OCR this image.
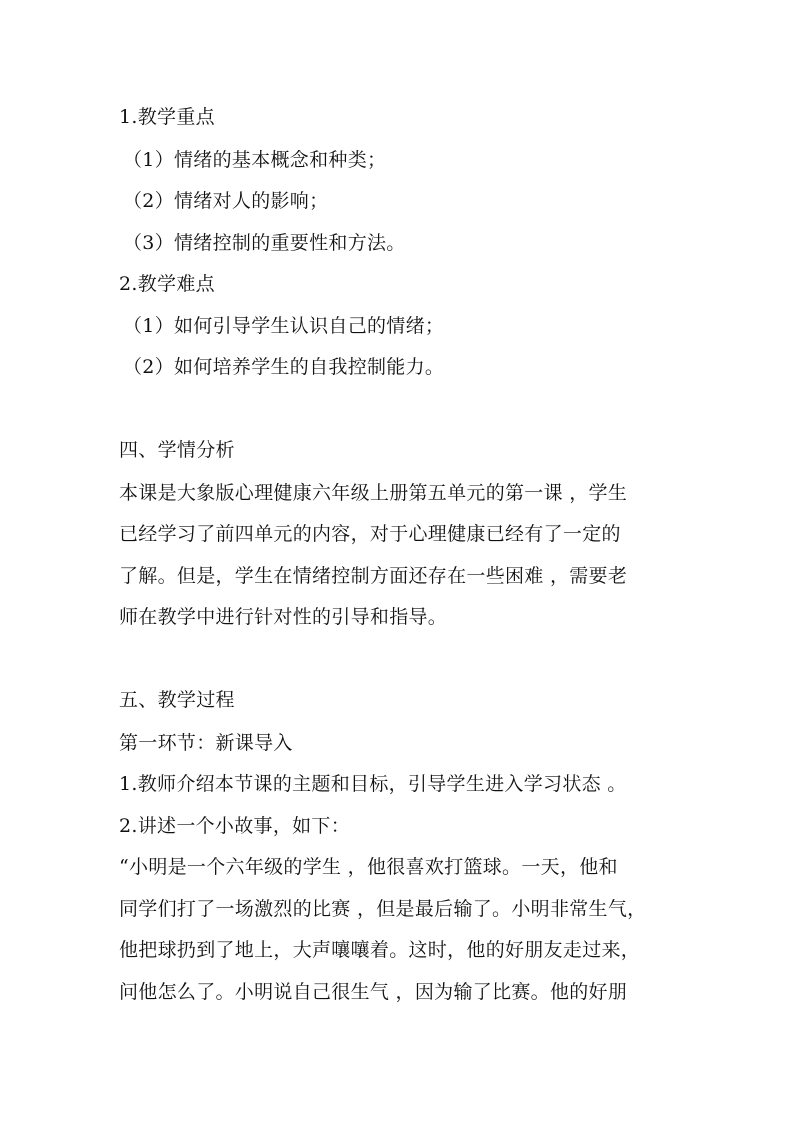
1.教学重点
（1）情绪的基本概念和种类；
（2）情绪对人的影响；
（3）情绪控制的重要性和方法。
2.教学难点
（1）如何引导学生认识自己的情绪；
（2）如何培养学生的自我控制能力。
四、学情分析
本课是大象版心理健康六年级上册第五单元的第一课 ，学生
已经学习了前四单元的内容，对于心理健康已经有了一定的
了解。但是，学生在情绪控制方面还存在一些困难 ，需要老
师在教学中进行针对性的引导和指导。
五、教学过程
第一环节：新课导入
1.教师介绍本节课的主题和目标，引导学生进入学习状态 。
2.讲述一个小故事，如下：
“小明是一个六年级的学生 ，他很喜欢打篮球。一天，他和
同学们打了一场激烈的比赛 ，但是最后输了。小明非常生气，
他把球扔到了地上，大声嚷嚷着。这时，他的好朋友走过来，
问他怎么了。小明说自己很生气 ，因为输了比赛。他的好朋
